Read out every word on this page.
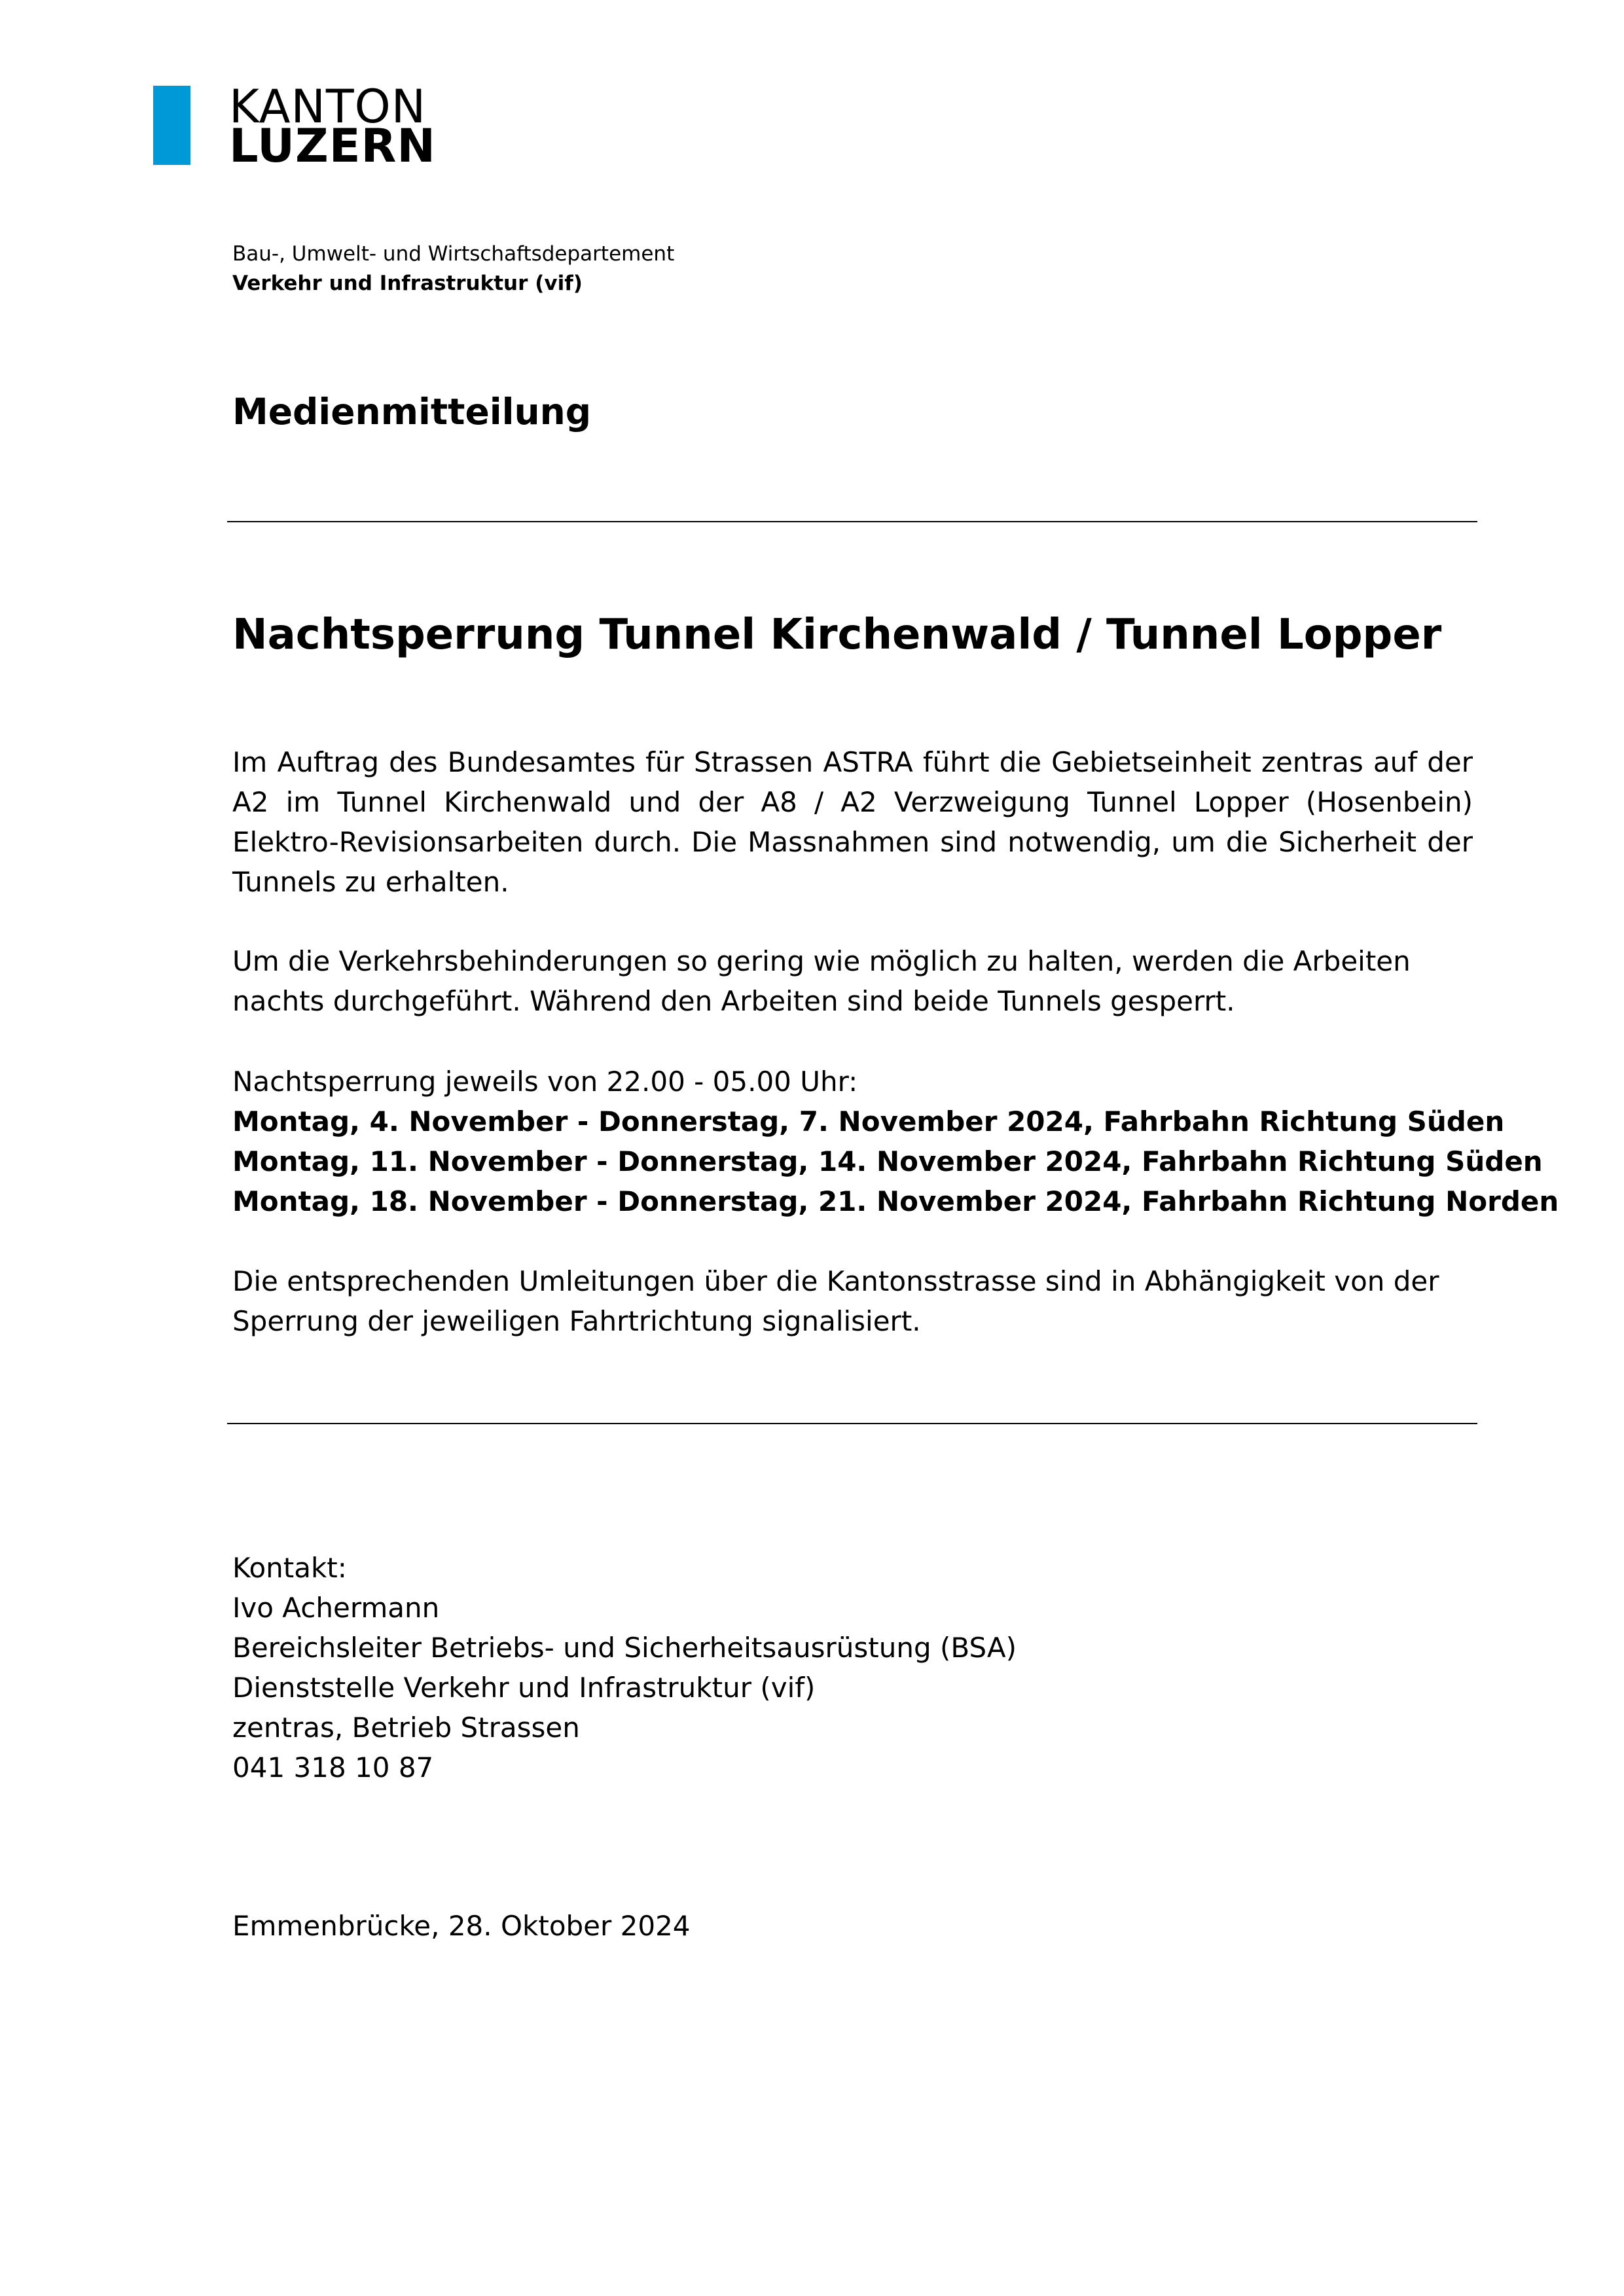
KANTON
LUZERN
Bau-, Umwelt- und Wirtschaftsdepartement
Verkehr und Infrastruktur (vif)
Medienmitteilung
Nachtsperrung Tunnel Kirchenwald / Tunnel Lopper

Im Auftrag des Bundesamtes für Strassen ASTRA führt die Gebietseinheit zentras auf der A2 im Tunnel Kirchenwald und der A8 / A2 Verzweigung Tunnel Lopper (Hosenbein) Elektro-Revisionsarbeiten durch. Die Massnahmen sind notwendig, um die Sicherheit der Tunnels zu erhalten.

Um die Verkehrsbehinderungen so gering wie möglich zu halten, werden die Arbeiten nachts durchgeführt. Während den Arbeiten sind beide Tunnels gesperrt.

Nachtsperrung jeweils von 22.00 - 05.00 Uhr:

Montag, 4. November - Donnerstag, 7. November 2024, Fahrbahn Richtung Süden
Montag, 11. November - Donnerstag, 14. November 2024, Fahrbahn Richtung Süden
Montag, 18. November - Donnerstag, 21. November 2024, Fahrbahn Richtung Norden

Die entsprechenden Umleitungen über die Kantonsstrasse sind in Abhängigkeit von der Sperrung der jeweiligen Fahrtrichtung signalisiert.

Kontakt:
Ivo Achermann
Bereichsleiter Betriebs- und Sicherheitsausrüstung (BSA)
Dienststelle Verkehr und Infrastruktur (vif)
zentras, Betrieb Strassen
041 318 10 87
Emmenbrücke, 28. Oktober 2024
